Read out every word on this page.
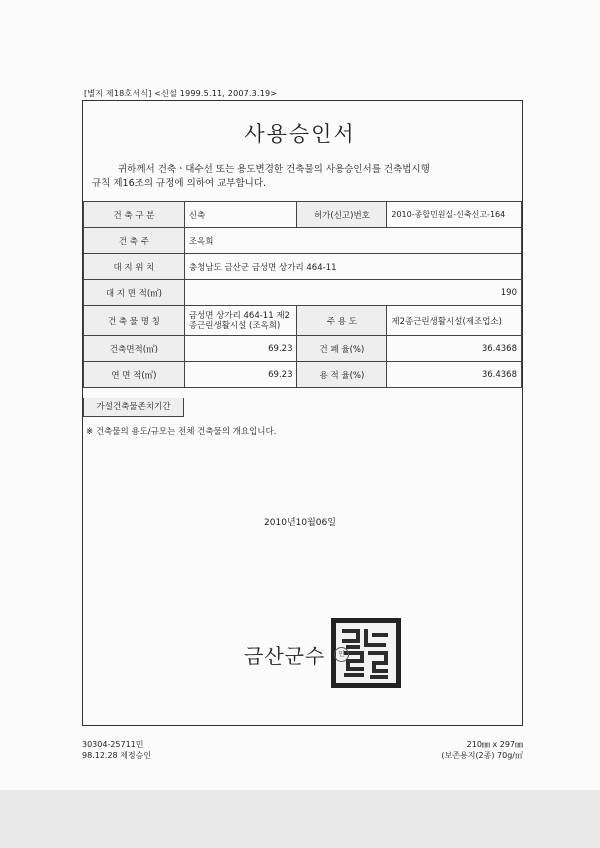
[별지 제18호서식] <신설 1999.5.11, 2007.3.19>
사용승인서
귀하께서 건축ㆍ대수선 또는 용도변경한 건축물의 사용승인서를 건축법시행
규칙 제16조의 규정에 의하여 교부합니다.
건 축 구 분	신축	허가(신고)번호	2010-종합민원실-신축신고-164
건 축 주	조옥희		
대 지 위 치	충청남도 금산군 금성면 상가리 464-11		
대 지 면 적(㎡)	190		
건 축 물 명 칭	금성면 상가리 464-11 제2종근린생활시설 (조옥희)	주 용 도	제2종근린생활시설(제조업소)
건축면적(㎡)	69.23	건 폐 율(%)	36.4368
연 면 적(㎡)	69.23	용 적 율(%)	36.4368
가설건축물존치기간
※ 건축물의 용도/규모는 전체 건축물의 개요입니다.
2010년10월06일
금산군수	인
30304-25711민
98.12.28 제정승인
210㎜ x 297㎜
(보존용지(2종) 70g/㎡
